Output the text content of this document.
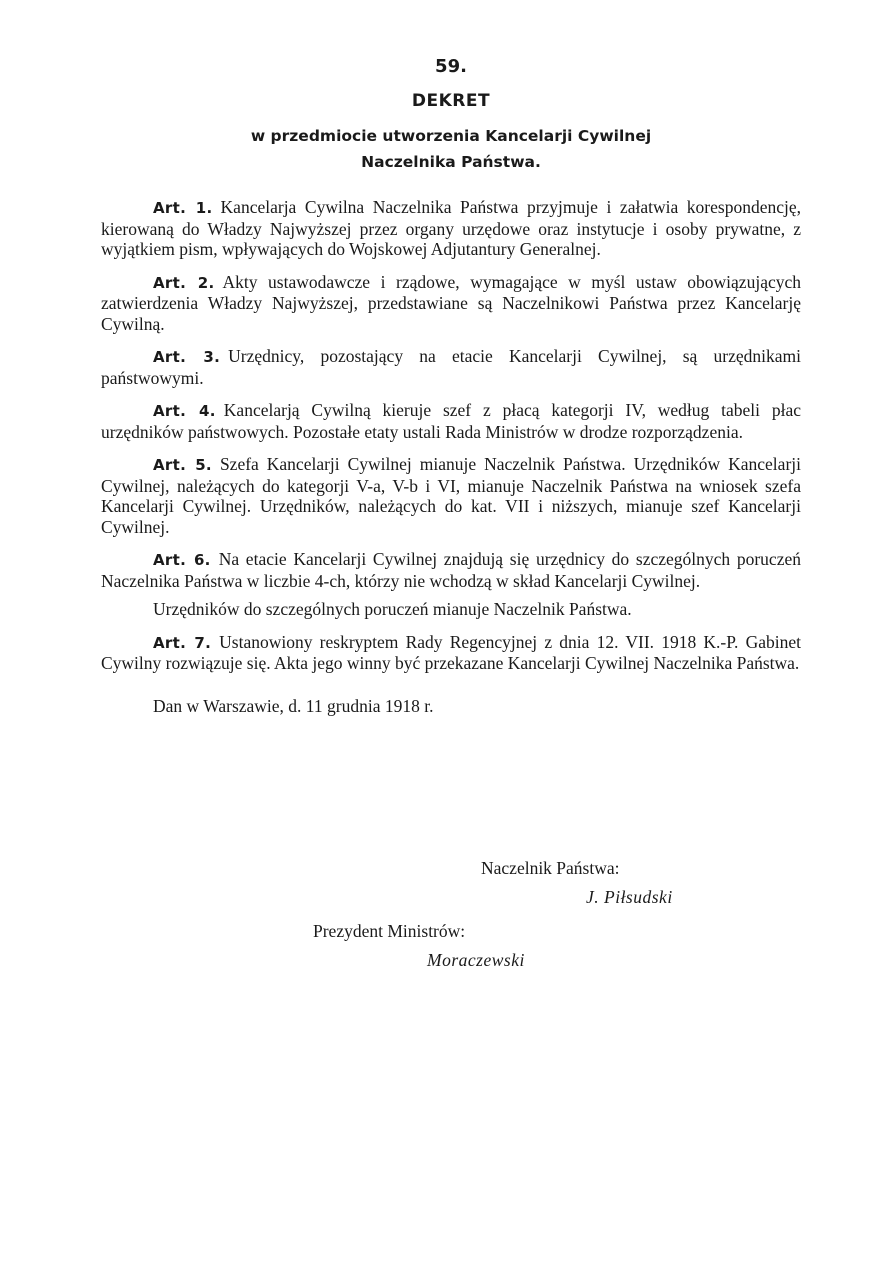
59.
DEKRET
w przedmiocie utworzenia Kancelarji Cywilnej
Naczelnika Państwa.

Art. 1. Kancelarja Cywilna Naczelnika Państwa przyjmuje i załatwia korespondencję, kierowaną do Władzy Najwyższej przez organy urzędowe oraz instytucje i osoby prywatne, z wyjątkiem pism, wpływających do Wojskowej Adjutantury Generalnej.

Art. 2. Akty ustawodawcze i rządowe, wymagające w myśl ustaw obowiązujących zatwierdzenia Władzy Najwyższej, przedstawiane są Naczelnikowi Państwa przez Kancelarję Cywilną.

Art. 3. Urzędnicy, pozostający na etacie Kancelarji Cywilnej, są urzędnikami państwowymi.

Art. 4. Kancelarją Cywilną kieruje szef z płacą kategorji IV, według tabeli płac urzędników państwowych. Pozostałe etaty ustali Rada Ministrów w drodze rozporządzenia.

Art. 5. Szefa Kancelarji Cywilnej mianuje Naczelnik Państwa. Urzędników Kancelarji Cywilnej, należących do kategorji V-a, V-b i VI, mianuje Naczelnik Państwa na wniosek szefa Kancelarji Cywilnej. Urzędników, należących do kat. VII i niższych, mianuje szef Kancelarji Cywilnej.

Art. 6. Na etacie Kancelarji Cywilnej znajdują się urzędnicy do szczególnych poruczeń Naczelnika Państwa w liczbie 4-ch, którzy nie wchodzą w skład Kancelarji Cywilnej.

Urzędników do szczególnych poruczeń mianuje Naczelnik Państwa.

Art. 7. Ustanowiony reskryptem Rady Regencyjnej z dnia 12. VII. 1918 K.-P. Gabinet Cywilny rozwiązuje się. Akta jego winny być przekazane Kancelarji Cywilnej Naczelnika Państwa.

Dan w Warszawie, d. 11 grudnia 1918 r.
Naczelnik Państwa:
J. Piłsudski
Prezydent Ministrów:
Moraczewski
